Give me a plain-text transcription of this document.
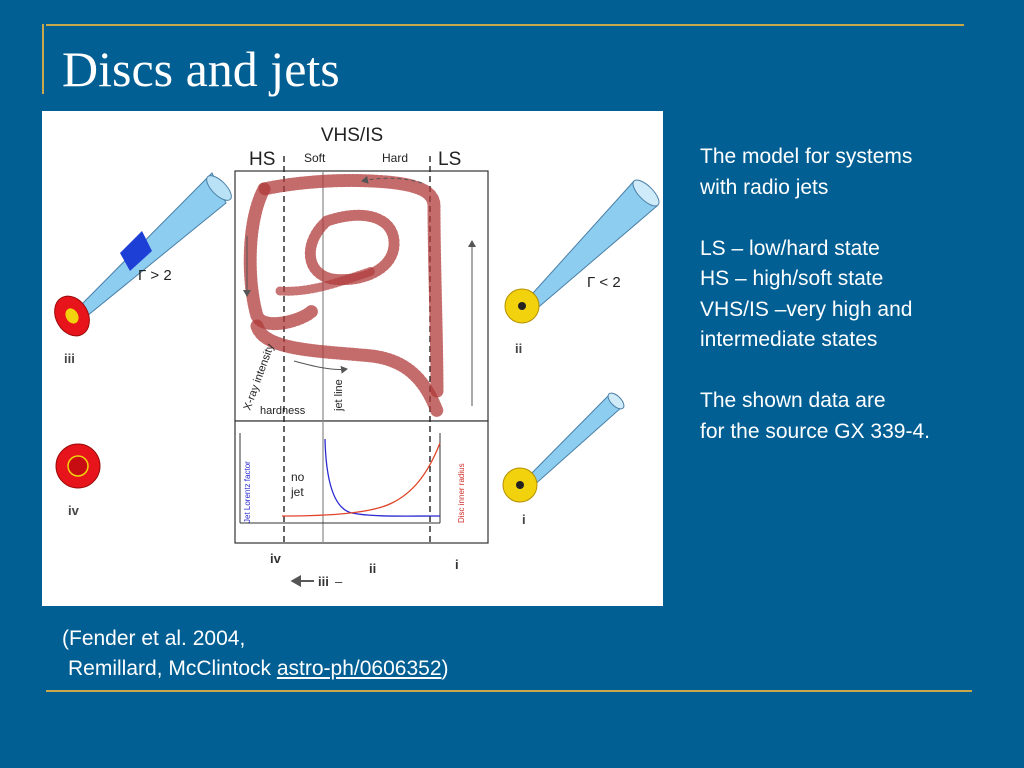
Discs and jets
VHS/IS
HS Soft	Hard LS
X-ray intensity
hardness	jet line
Jet Lorentz factor	Disc inner radius
no
jet
iv
iii –
ii	i
Γ > 2
iii
iv
Γ < 2
ii
i

The model for systems

with radio jets

LS – low/hard state

HS – high/soft state

VHS/IS –very high and

intermediate states

The shown data are

for the source GX 339-4.

(Fender et al. 2004,
Remillard, McClintock astro-ph/0606352)
